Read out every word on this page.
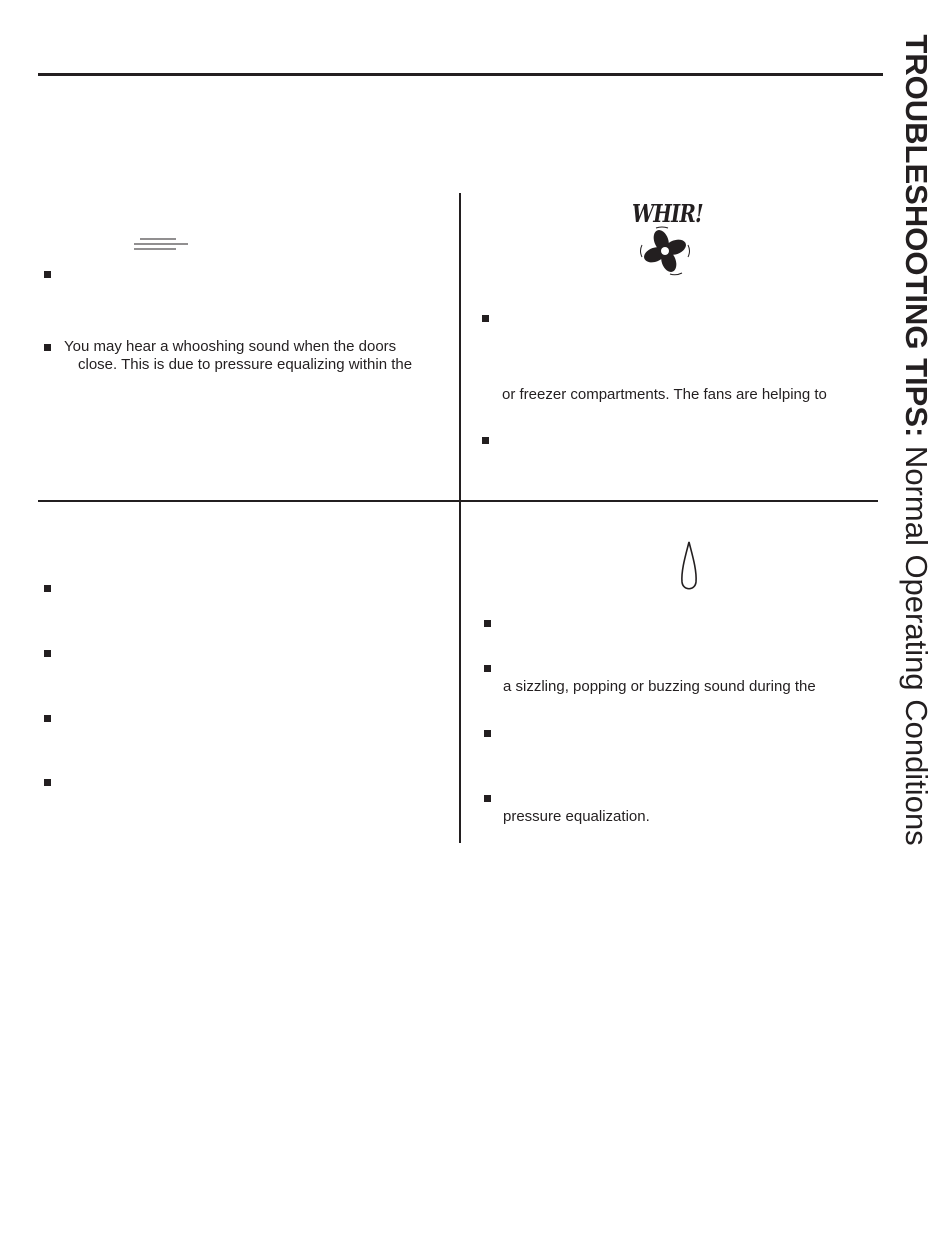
TROUBLESHOOTING TIPS: Normal Operating Conditions
You may hear a whooshing sound when the doors
close. This is due to pressure equalizing within the
WHIR!
or freezer compartments. The fans are helping to
a sizzling, popping or buzzing sound during the
pressure equalization.
